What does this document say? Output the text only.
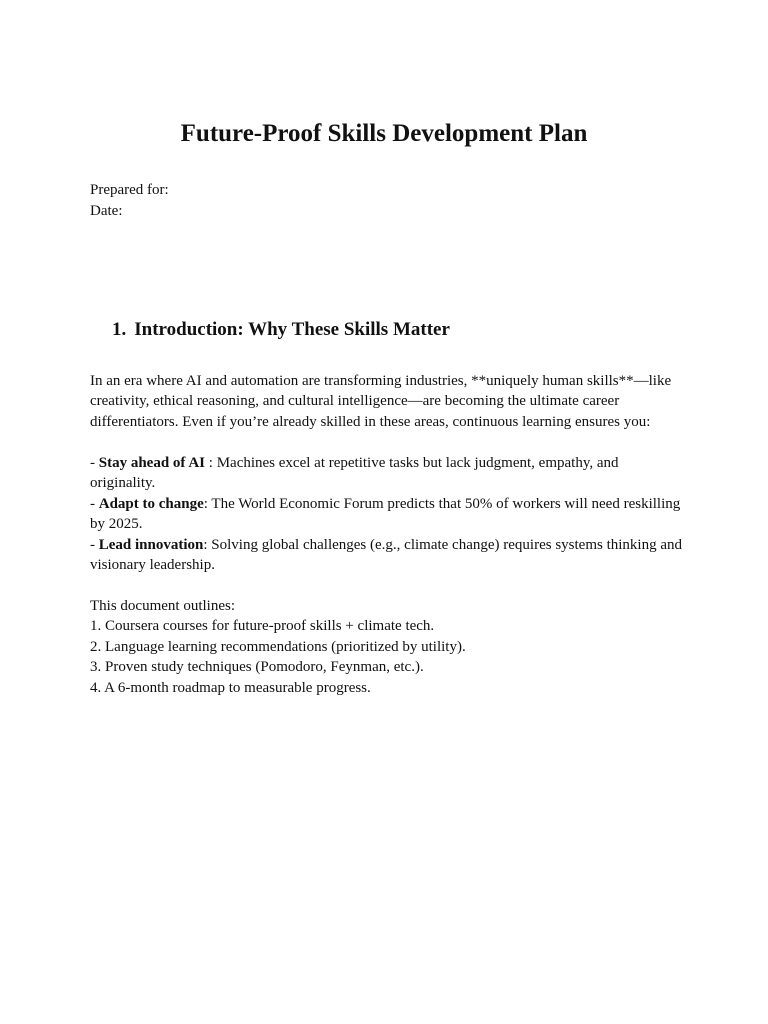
Future-Proof Skills Development Plan
Prepared for:
Date:
1. Introduction: Why These Skills Matter

In an era where AI and automation are transforming industries, **uniquely human skills**—like creativity, ethical reasoning, and cultural intelligence—are becoming the ultimate career differentiators. Even if you’re already skilled in these areas, continuous learning ensures you:

- Stay ahead of AI : Machines excel at repetitive tasks but lack judgment, empathy, and originality.

- Adapt to change: The World Economic Forum predicts that 50% of workers will need reskilling by 2025.

- Lead innovation: Solving global challenges (e.g., climate change) requires systems thinking and visionary leadership.

This document outlines:
1. Coursera courses for future-proof skills + climate tech.
2. Language learning recommendations (prioritized by utility).
3. Proven study techniques (Pomodoro, Feynman, etc.).
4. A 6-month roadmap to measurable progress.
